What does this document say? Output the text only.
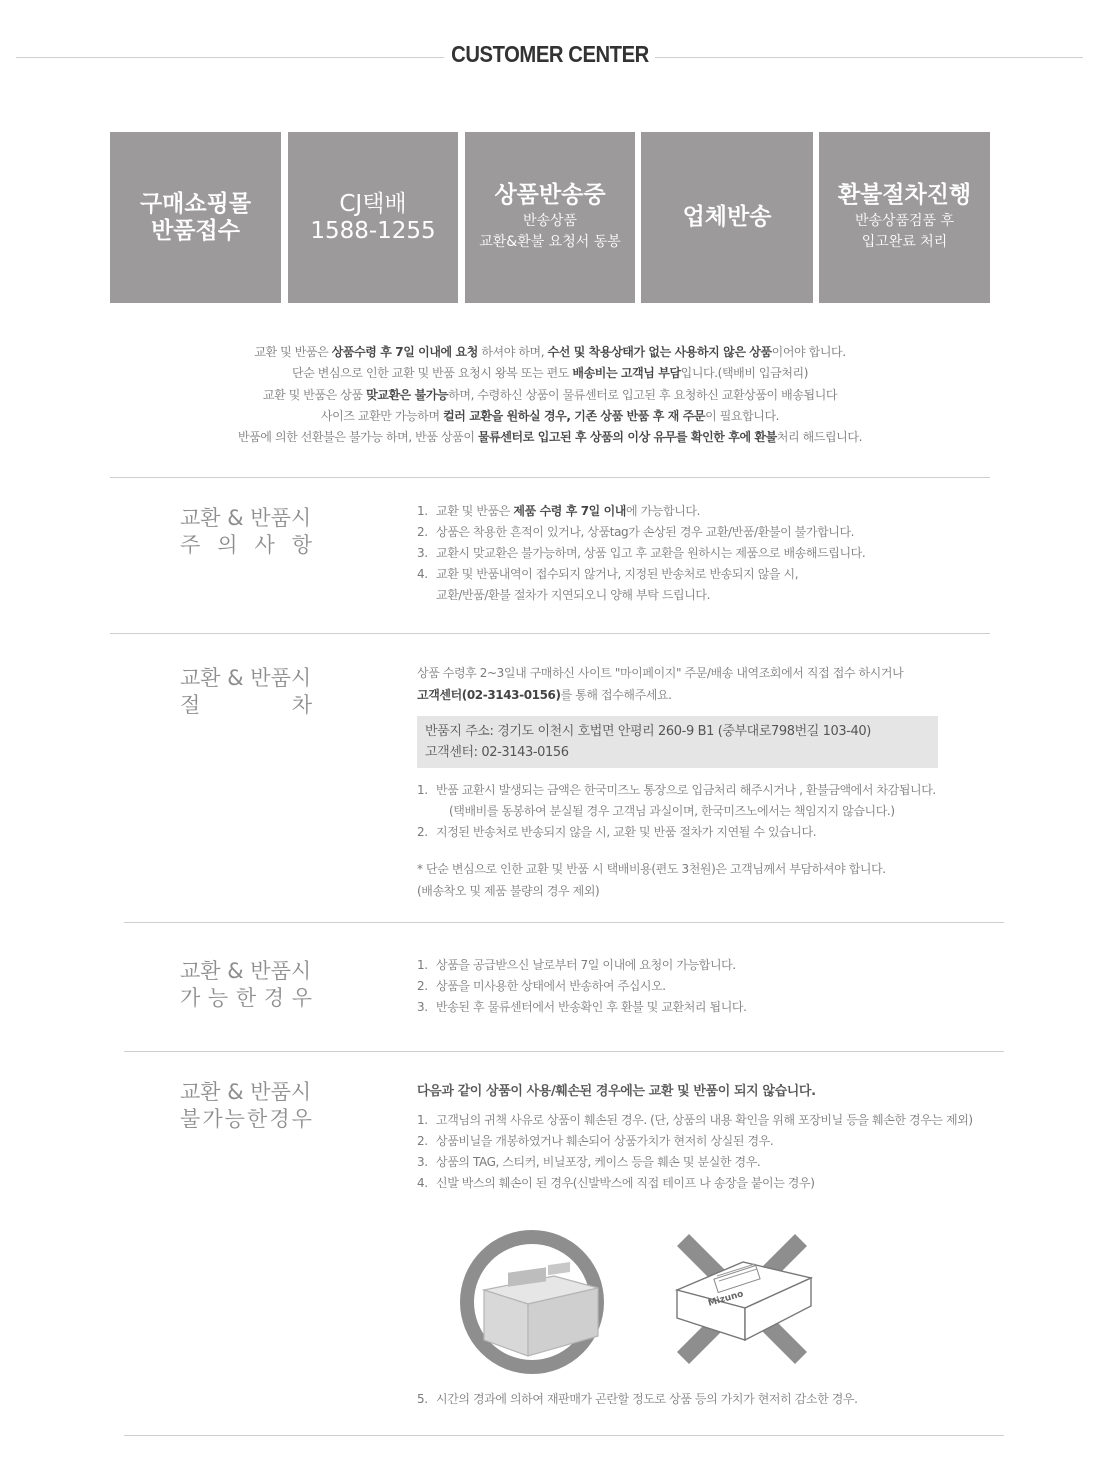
CUSTOMER CENTER
구매쇼핑몰
반품접수
CJ택배
1588-1255
상품반송중
반송상품
교환&환불 요청서 동봉
업체반송
환불절차진행
반송상품검품 후
입고완료 처리
교환 및 반품은 상품수령 후 7일 이내에 요청 하셔야 하며, 수선 및 착용상태가 없는 사용하지 않은 상품이어야 합니다.
단순 변심으로 인한 교환 및 반품 요청시 왕복 또는 편도 배송비는 고객님 부담입니다.(택배비 입금처리)
교환 및 반품은 상품 맞교환은 불가능하며, 수령하신 상품이 물류센터로 입고된 후 요청하신 교환상품이 배송됩니다
사이즈 교환만 가능하며 컬러 교환을 원하실 경우, 기존 상품 반품 후 재 주문이 필요합니다.
반품에 의한 선환불은 불가능 하며, 반품 상품이 물류센터로 입고된 후 상품의 이상 유무를 확인한 후에 환불처리 해드립니다.
교환 & 반품시
주 의 사 항
1. 교환 및 반품은 제품 수령 후 7일 이내에 가능합니다.
2. 상품은 착용한 흔적이 있거나, 상품tag가 손상된 경우 교환/반품/환불이 불가합니다.
3. 교환시 맞교환은 불가능하며, 상품 입고 후 교환을 원하시는 제품으로 배송해드립니다.
4. 교환 및 반품내역이 접수되지 않거나, 지정된 반송처로 반송되지 않을 시,
교환/반품/환불 절차가 지연되오니 양해 부탁 드립니다.
교환 & 반품시
절	차
상품 수령후 2~3일내 구매하신 사이트 "마이페이지" 주문/배송 내역조회에서 직접 접수 하시거나
고객센터(02-3143-0156)를 통해 접수해주세요.
반품지 주소: 경기도 이천시 호법면 안평리 260-9 B1 (중부대로798번길 103-40)
고객센터: 02-3143-0156
1. 반품 교환시 발생되는 금액은 한국미즈노 통장으로 입금처리 해주시거나 , 환불금액에서 차감됩니다.
(택배비를 동봉하여 분실될 경우 고객님 과실이며, 한국미즈노에서는 책임지지 않습니다.)
2. 지정된 반송처로 반송되지 않을 시, 교환 및 반품 절차가 지연될 수 있습니다.
* 단순 변심으로 인한 교환 및 반품 시 택배비용(편도 3천원)은 고객님께서 부담하셔야 합니다.
(배송착오 및 제품 불량의 경우 제외)
교환 & 반품시
가 능 한 경 우
1. 상품을 공급받으신 날로부터 7일 이내에 요청이 가능합니다.
2. 상품을 미사용한 상태에서 반송하여 주십시오.
3. 반송된 후 물류센터에서 반송확인 후 환불 및 교환처리 됩니다.
교환 & 반품시
불 가 능 한 경 우
다음과 같이 상품이 사용/훼손된 경우에는 교환 및 반품이 되지 않습니다.
1. 고객님의 귀책 사유로 상품이 훼손된 경우. (단, 상품의 내용 확인을 위해 포장비닐 등을 훼손한 경우는 제외)
2. 상품비닐을 개봉하였거나 훼손되어 상품가치가 현저히 상실된 경우.
3. 상품의 TAG, 스티커, 비닐포장, 케이스 등을 훼손 및 분실한 경우.
4. 신발 박스의 훼손이 된 경우(신발박스에 직접 테이프 나 송장을 붙이는 경우)
Mizuno
5. 시간의 경과에 의하여 재판매가 곤란할 정도로 상품 등의 가치가 현저히 감소한 경우.
